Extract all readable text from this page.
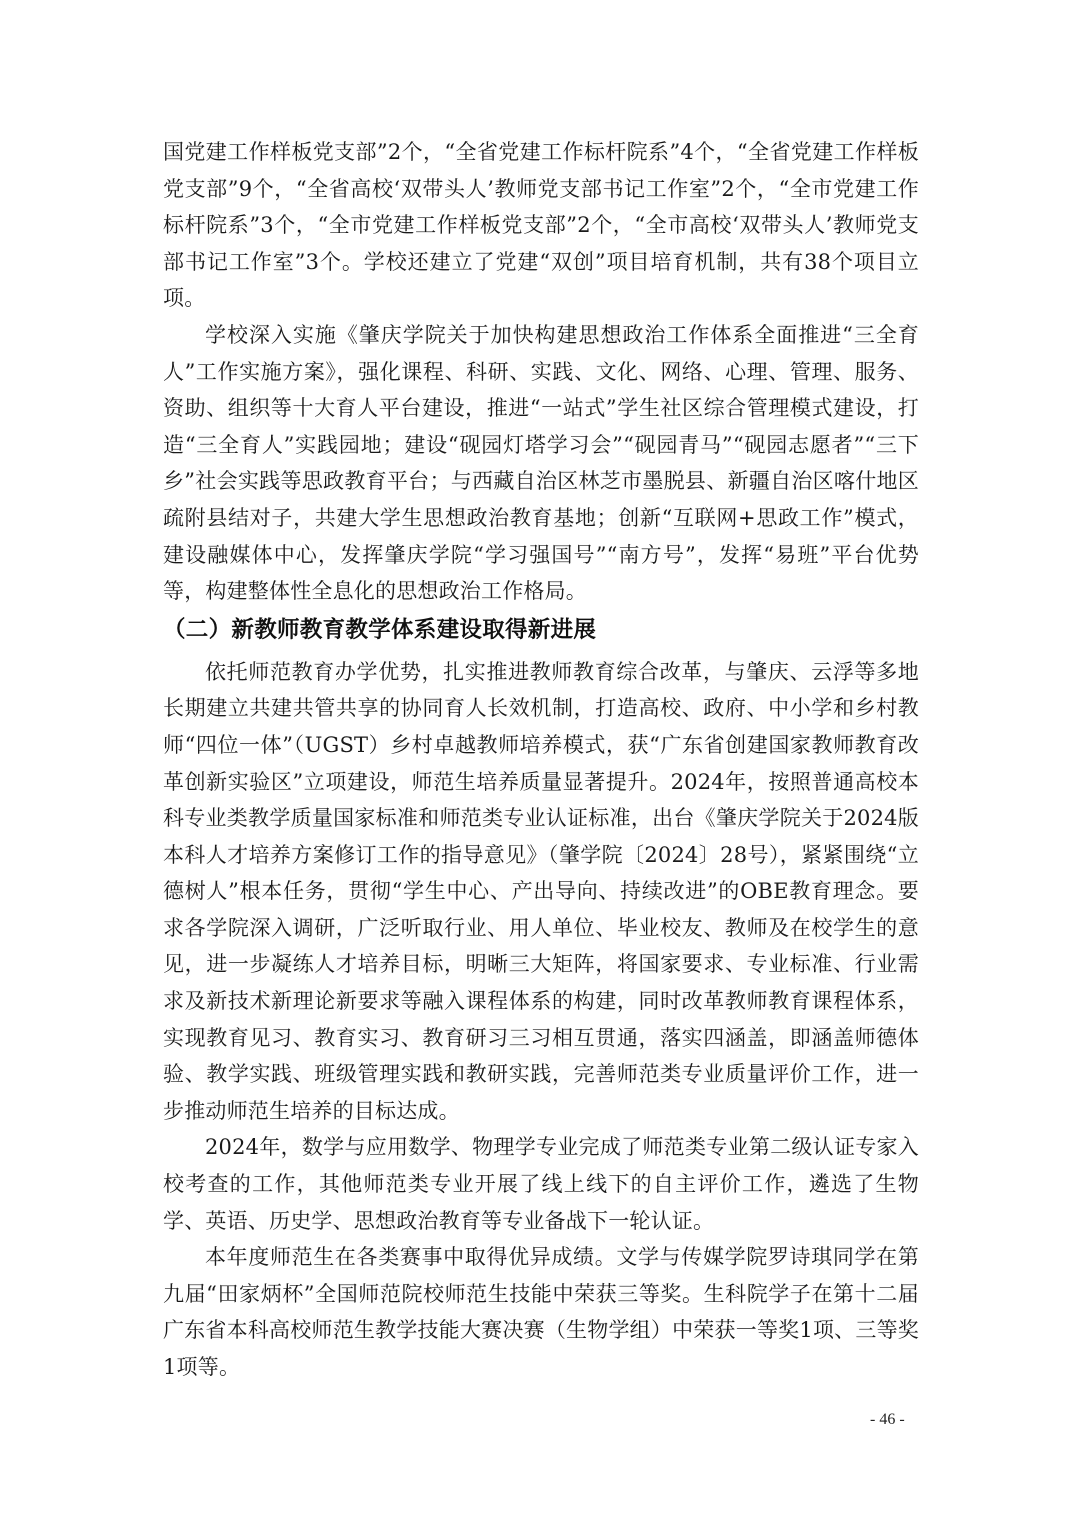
国党建工作样板党支部”2个，“全省党建工作标杆院系”4个，“全省党建工作样板党支部”9个，“全省高校‘双带头人’教师党支部书记工作室”2个，“全市党建工作标杆院系”3个，“全市党建工作样板党支部”2个，“全市高校‘双带头人’教师党支部书记工作室”3个。学校还建立了党建“双创”项目培育机制，共有38个项目立项。

学校深入实施《肇庆学院关于加快构建思想政治工作体系全面推进“三全育人”工作实施方案》，强化课程、科研、实践、文化、网络、心理、管理、服务、资助、组织等十大育人平台建设，推进“一站式”学生社区综合管理模式建设，打造“三全育人”实践园地；建设“砚园灯塔学习会”“砚园青马”“砚园志愿者”“三下乡”社会实践等思政教育平台；与西藏自治区林芝市墨脱县、新疆自治区喀什地区疏附县结对子，共建大学生思想政治教育基地；创新“互联网+思政工作”模式，建设融媒体中心，发挥肇庆学院“学习强国号”“南方号”，发挥“易班”平台优势等，构建整体性全息化的思想政治工作格局。

（二）新教师教育教学体系建设取得新进展

依托师范教育办学优势，扎实推进教师教育综合改革，与肇庆、云浮等多地长期建立共建共管共享的协同育人长效机制，打造高校、政府、中小学和乡村教师“四位一体”（UGST）乡村卓越教师培养模式，获“广东省创建国家教师教育改革创新实验区”立项建设，师范生培养质量显著提升。2024年，按照普通高校本科专业类教学质量国家标准和师范类专业认证标准，出台《肇庆学院关于2024版本科人才培养方案修订工作的指导意见》（肇学院〔2024〕28号），紧紧围绕“立德树人”根本任务，贯彻“学生中心、产出导向、持续改进”的OBE教育理念。要求各学院深入调研，广泛听取行业、用人单位、毕业校友、教师及在校学生的意见，进一步凝练人才培养目标，明晰三大矩阵，将国家要求、专业标准、行业需求及新技术新理论新要求等融入课程体系的构建，同时改革教师教育课程体系，实现教育见习、教育实习、教育研习三习相互贯通，落实四涵盖，即涵盖师德体验、教学实践、班级管理实践和教研实践，完善师范类专业质量评价工作，进一步推动师范生培养的目标达成。

2024年，数学与应用数学、物理学专业完成了师范类专业第二级认证专家入校考查的工作，其他师范类专业开展了线上线下的自主评价工作，遴选了生物学、英语、历史学、思想政治教育等专业备战下一轮认证。

本年度师范生在各类赛事中取得优异成绩。文学与传媒学院罗诗琪同学在第九届“田家炳杯”全国师范院校师范生技能中荣获三等奖。生科院学子在第十二届广东省本科高校师范生教学技能大赛决赛（生物学组）中荣获一等奖1项、三等奖1项等。

- 46 -
